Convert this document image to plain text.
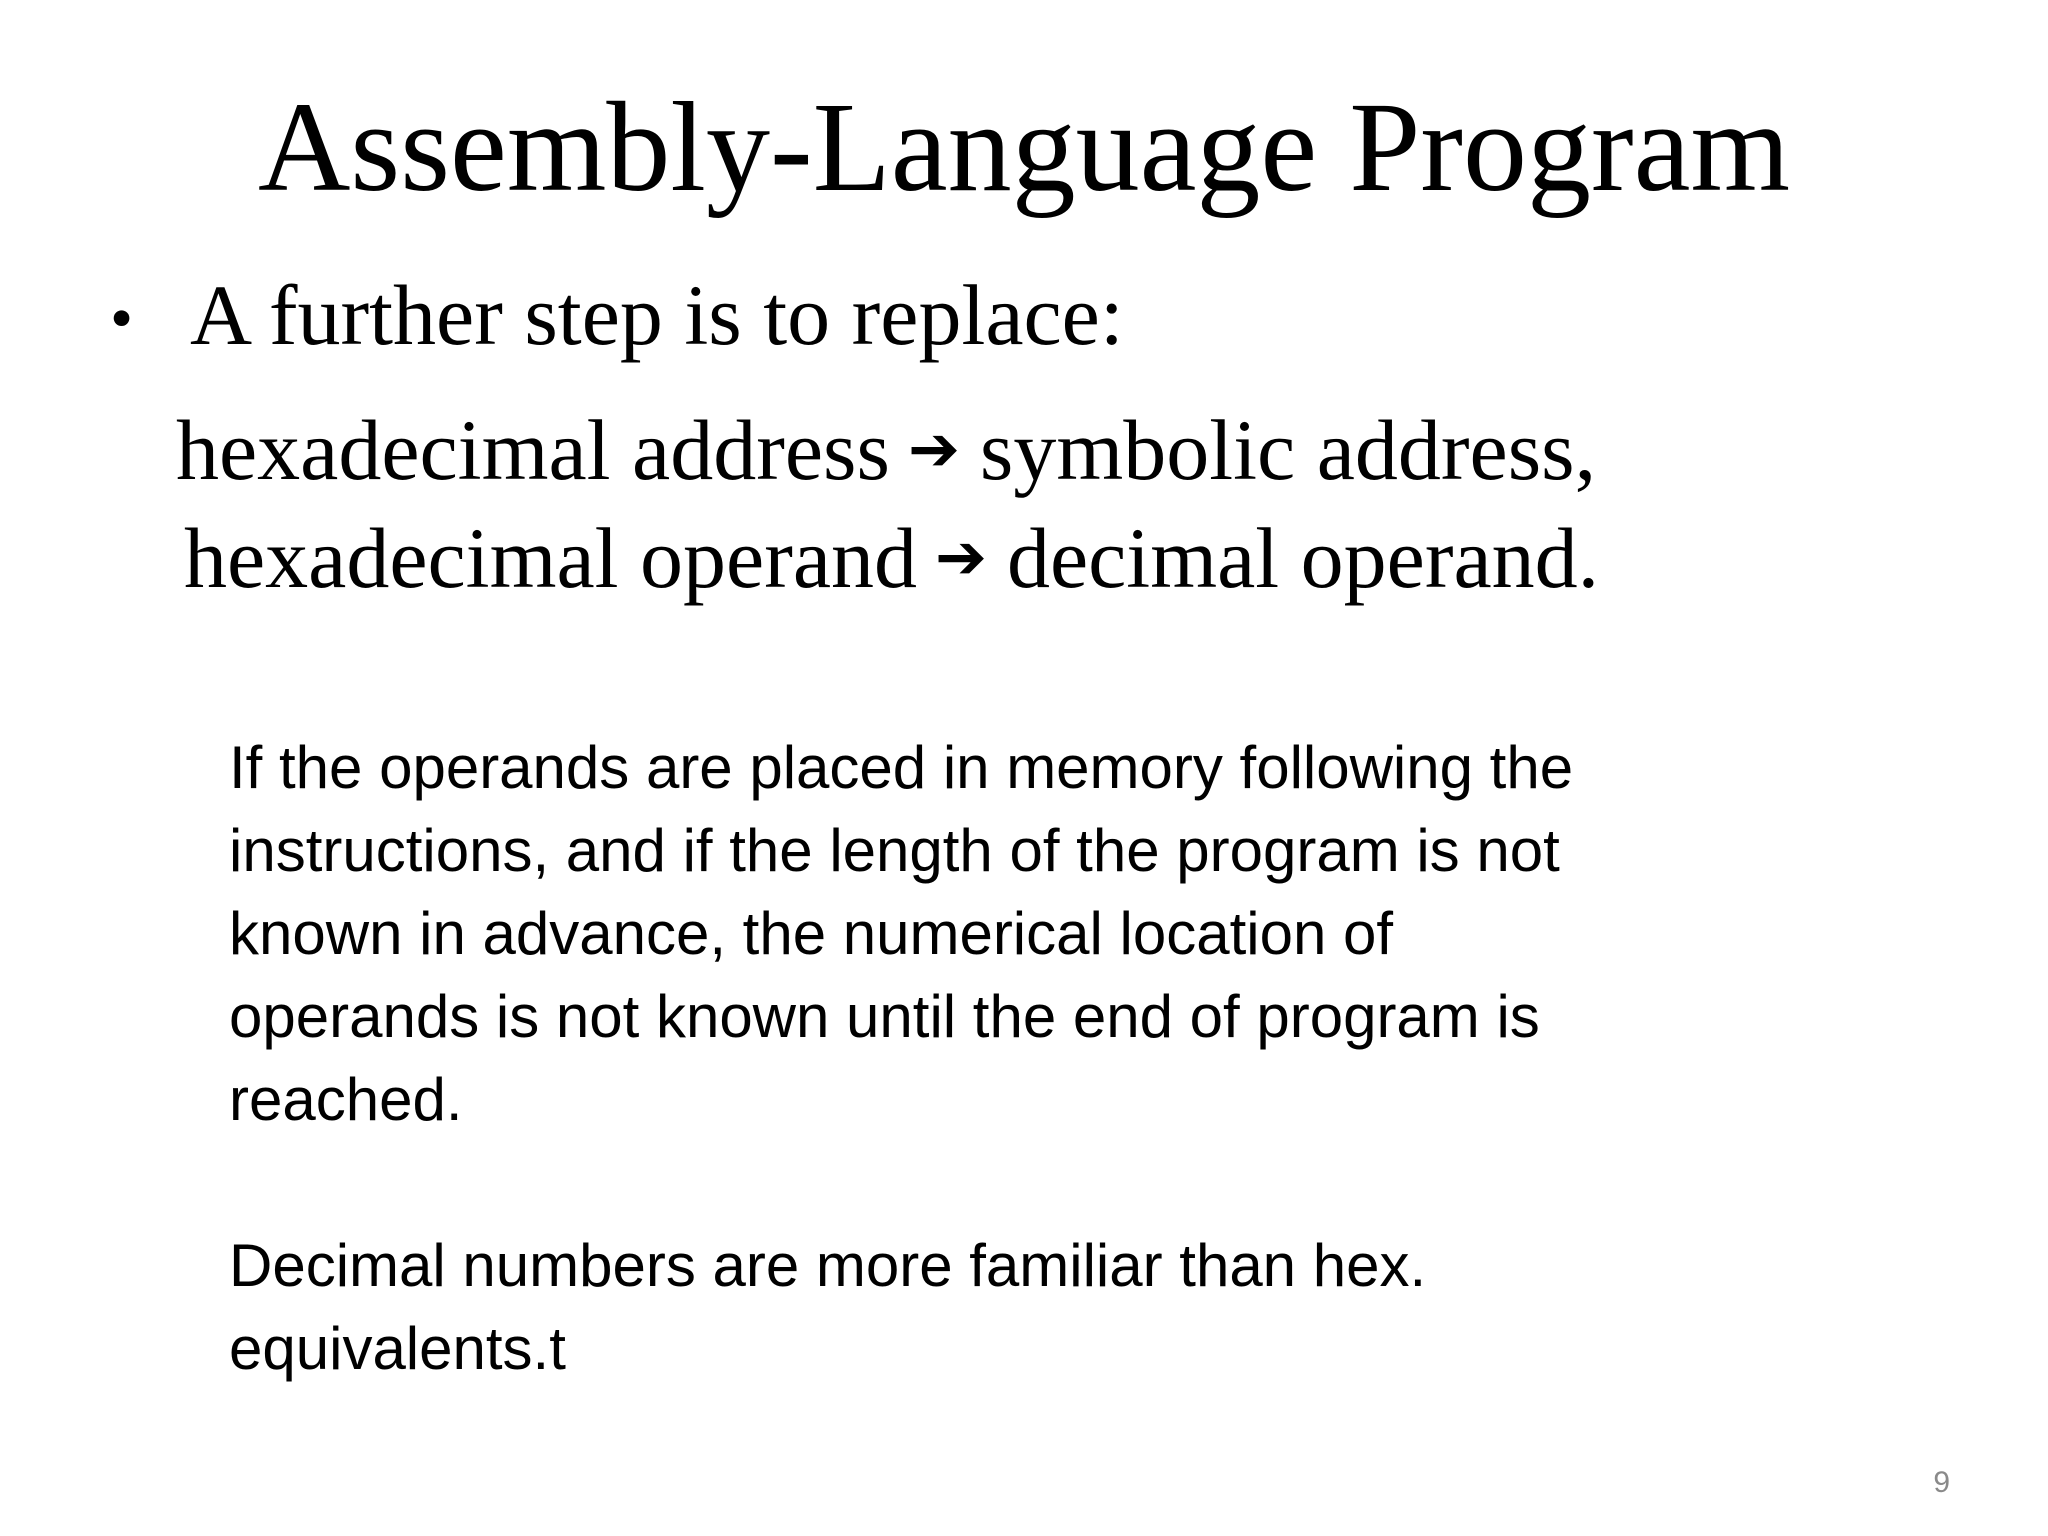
Assembly-Language Program
• A further step is to replace:
hexadecimal address ➔ symbolic address,
hexadecimal operand ➔ decimal operand.

If the operands are placed in memory following the
instructions, and if the length of the program is not
known in advance, the numerical location of
operands is not known until the end of program is
reached.

Decimal numbers are more familiar than hex.
equivalents.t

9
